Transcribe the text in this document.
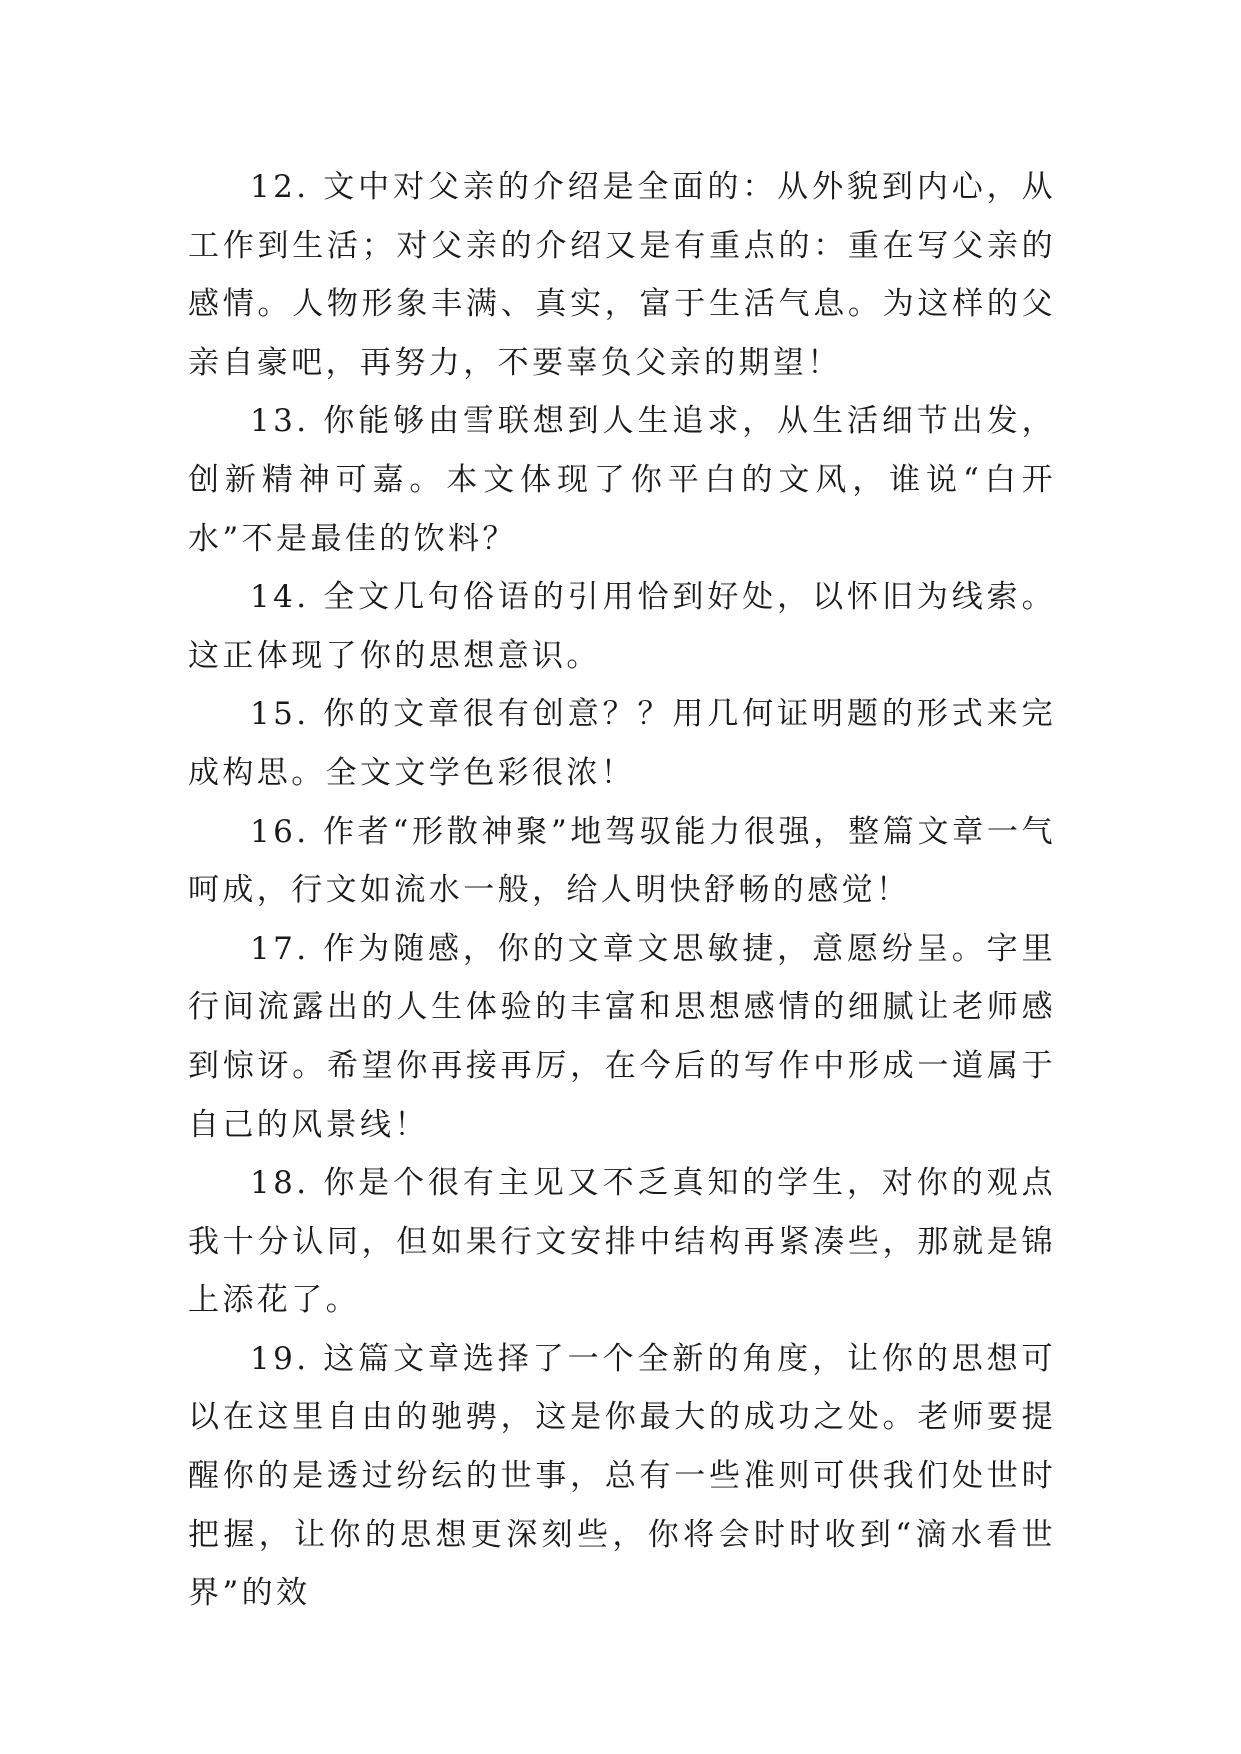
12. 文中对父亲的介绍是全面的：从外貌到内心，从工作到生活；对父亲的介绍又是有重点的：重在写父亲的感情。人物形象丰满、真实，富于生活气息。为这样的父亲自豪吧，再努力，不要辜负父亲的期望！

13. 你能够由雪联想到人生追求，从生活细节出发，创新精神可嘉。本文体现了你平白的文风，谁说“白开水”不是最佳的饮料？

14. 全文几句俗语的引用恰到好处，以怀旧为线索。这正体现了你的思想意识。

15. 你的文章很有创意？？用几何证明题的形式来完成构思。全文文学色彩很浓！

16. 作者“形散神聚”地驾驭能力很强，整篇文章一气呵成，行文如流水一般，给人明快舒畅的感觉！

17. 作为随感，你的文章文思敏捷，意愿纷呈。字里行间流露出的人生体验的丰富和思想感情的细腻让老师感到惊讶。希望你再接再厉，在今后的写作中形成一道属于自己的风景线！

18. 你是个很有主见又不乏真知的学生，对你的观点我十分认同，但如果行文安排中结构再紧凑些，那就是锦上添花了。

19. 这篇文章选择了一个全新的角度，让你的思想可以在这里自由的驰骋，这是你最大的成功之处。老师要提醒你的是透过纷纭的世事，总有一些准则可供我们处世时把握，让你的思想更深刻些，你将会时时收到“滴水看世界”的效
